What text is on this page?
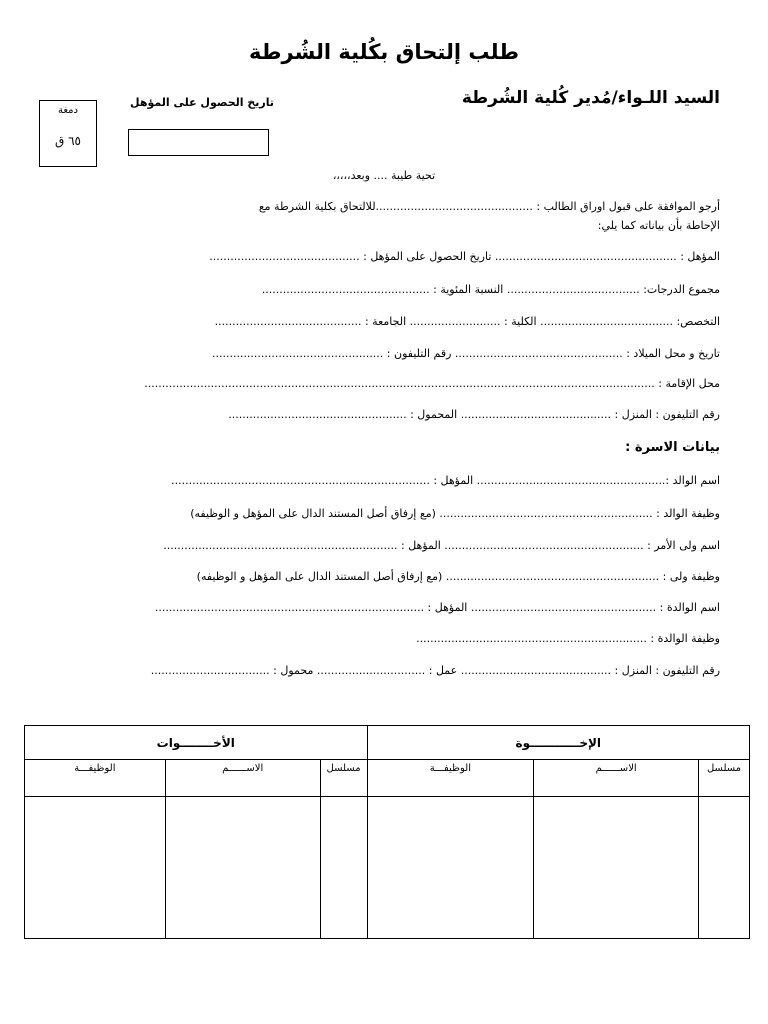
طلب إلتحاق بكُلية الشُرطة
السيد اللـواء/مُدير كُلية الشُرطة
تاريخ الحصول على المؤهل
دمغة
٦٥ ق
تحية طيبة .... وبعد،،،،،
أرجو الموافقة على قبول اوراق الطالب : .............................................للالتحاق بكلية الشرطة مع
الإحاطة بأن بياناته كما يلي:
المؤهل : .................................................... تاريخ الحصول على المؤهل : ...........................................
مجموع الدرجات: ...................................... النسبة المئوية : ................................................
التخصص: ...................................... الكلية : .......................... الجامعة : ..........................................
تاريخ و محل الميلاد : ................................................ رقم التليفون : .................................................
محل الإقامة : ..................................................................................................................................................
رقم التليفون : المنزل : ........................................... المحمول : ...................................................
بيانات الاسرة :
اسم الوالد :...................................................... المؤهل : ..........................................................................
وظيفة الوالد : ............................................................. (مع إرفاق أصل المستند الدال على المؤهل و الوظيفه)
اسم ولى الأمر : ......................................................... المؤهل : ...................................................................
وظيفة ولى : ............................................................. (مع إرفاق أصل المستند الدال على المؤهل و الوظيفه)
اسم الوالدة : ..................................................... المؤهل : .............................................................................
وظيفة الوالدة : ..................................................................
رقم التليفون : المنزل : ........................................... عمل : ............................... محمول : ..................................
الأخــــــــوات			الإخــــــــــــوة		
الوظيفـــة	الاســــــم	مسلسل	الوظيفـــة	الاســــــم	مسلسل
